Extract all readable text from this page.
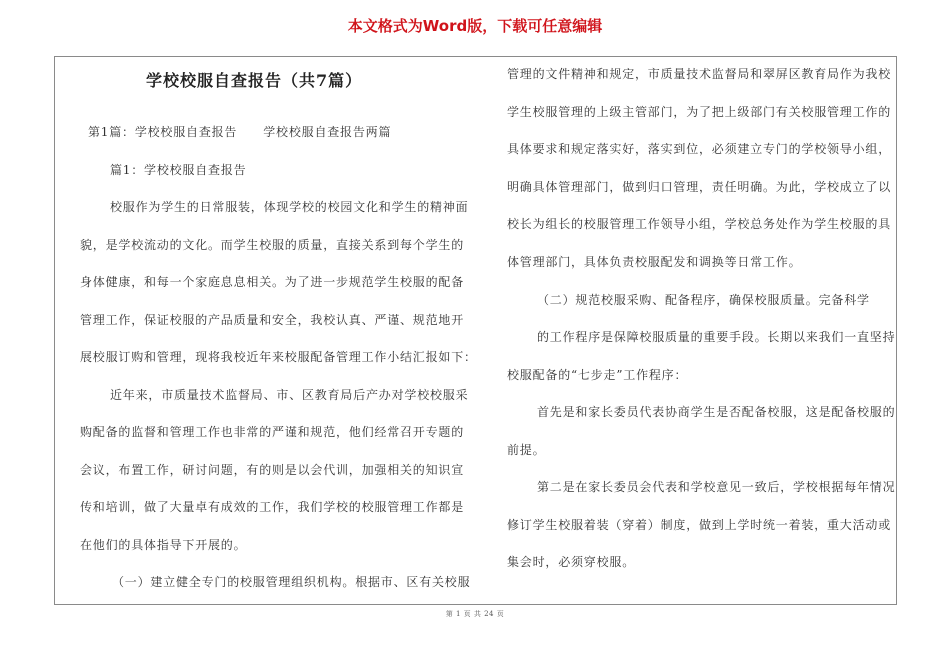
本文格式为Word版，下载可任意编辑
学校校服自查报告（共7篇）
第1篇：学校校服自查报告 学校校服自查报告两篇
篇1：学校校服自查报告
校服作为学生的日常服装，体现学校的校园文化和学生的精神面
貌，是学校流动的文化。而学生校服的质量，直接关系到每个学生的
身体健康，和每一个家庭息息相关。为了进一步规范学生校服的配备
管理工作，保证校服的产品质量和安全，我校认真、严谨、规范地开
展校服订购和管理，现将我校近年来校服配备管理工作小结汇报如下：
近年来，市质量技术监督局、市、区教育局后产办对学校校服采
购配备的监督和管理工作也非常的严谨和规范，他们经常召开专题的
会议，布置工作，研讨问题，有的则是以会代训，加强相关的知识宣
传和培训，做了大量卓有成效的工作，我们学校的校服管理工作都是
在他们的具体指导下开展的。
（一）建立健全专门的校服管理组织机构。根据市、区有关校服
管理的文件精神和规定，市质量技术监督局和翠屏区教育局作为我校
学生校服管理的上级主管部门，为了把上级部门有关校服管理工作的
具体要求和规定落实好，落实到位，必须建立专门的学校领导小组，
明确具体管理部门，做到归口管理，责任明确。为此，学校成立了以
校长为组长的校服管理工作领导小组，学校总务处作为学生校服的具
体管理部门，具体负责校服配发和调换等日常工作。
（二）规范校服采购、配备程序，确保校服质量。完备科学
的工作程序是保障校服质量的重要手段。长期以来我们一直坚持
校服配备的“七步走”工作程序：
首先是和家长委员代表协商学生是否配备校服，这是配备校服的
前提。
第二是在家长委员会代表和学校意见一致后，学校根据每年情况
修订学生校服着装（穿着）制度，做到上学时统一着装，重大活动或
集会时，必须穿校服。
第 1 页 共 24 页
